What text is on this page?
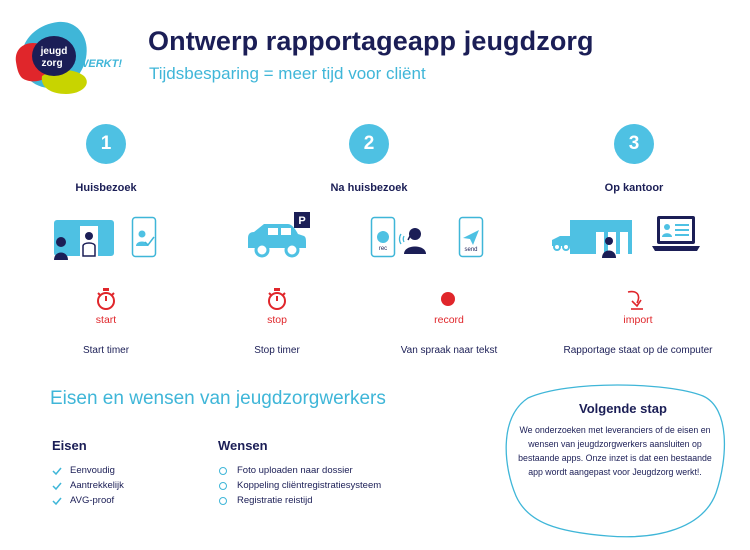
jeugd
zorg WERKT!
Ontwerp rapportageapp jeugdzorg
Tijdsbesparing = meer tijd voor cliënt
1	2	3
Huisbezoek	Na huisbezoek	Op kantoor
P
rec	send
start	stop	record	import
Start timer	Stop timer	Van spraak naar tekst	Rapportage staat op de computer
Eisen en wensen van jeugdzorgwerkers
Eisen
Eenvoudig
Aantrekkelijk
AVG-proof
Wensen
Foto uploaden naar dossier
Koppeling cliëntregistratiesysteem
Registratie reistijd
Volgende stap
We onderzoeken met leveranciers of de eisen en wensen van jeugdzorgwerkers aansluiten op bestaande apps. Onze inzet is dat een bestaande app wordt aangepast voor Jeugdzorg werkt!.
